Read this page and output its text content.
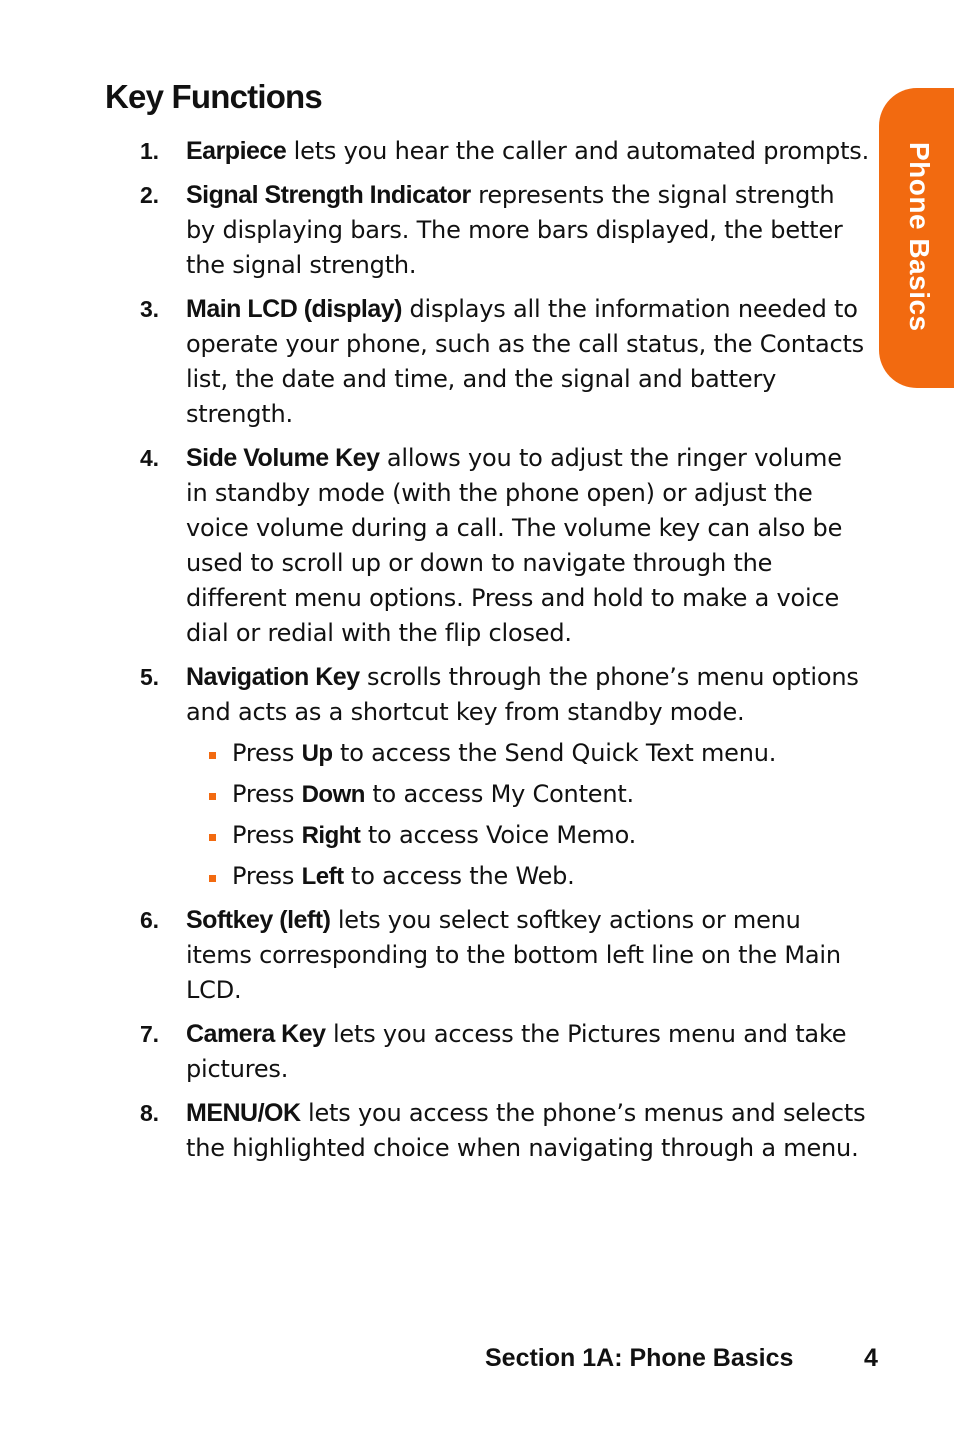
Key Functions
Phone Basics
1. Earpiece lets you hear the caller and automated prompts.
2. Signal Strength Indicator represents the signal strength by displaying bars. The more bars displayed, the better the signal strength.
3. Main LCD (display) displays all the information needed to operate your phone, such as the call status, the Contacts list, the date and time, and the signal and battery strength.
4. Side Volume Key allows you to adjust the ringer volume in standby mode (with the phone open) or adjust the voice volume during a call. The volume key can also be used to scroll up or down to navigate through the different menu options. Press and hold to make a voice dial or redial with the flip closed.
5. Navigation Key scrolls through the phone’s menu options and acts as a shortcut key from standby mode.
Press Up to access the Send Quick Text menu.
Press Down to access My Content.
Press Right to access Voice Memo.
Press Left to access the Web.
6. Softkey (left) lets you select softkey actions or menu items corresponding to the bottom left line on the Main LCD.
7. Camera Key lets you access the Pictures menu and take pictures.
8. MENU/OK lets you access the phone’s menus and selects the highlighted choice when navigating through a menu.
Section 1A: Phone Basics	4
